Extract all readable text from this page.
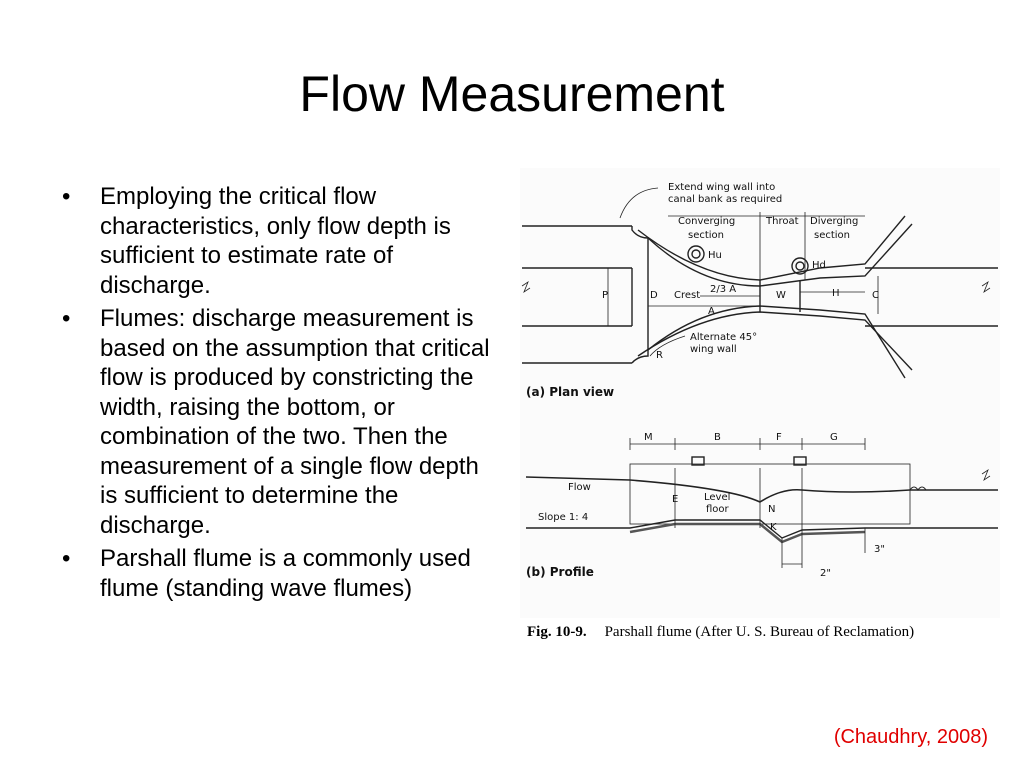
Flow Measurement
• Employing the critical flow characteristics, only flow depth is sufficient to estimate rate of discharge.
• Flumes: discharge measurement is based on the assumption that critical flow is produced by constricting the width, raising the bottom, or combination of the two. Then the measurement of a single flow depth is sufficient to determine the discharge.
• Parshall flume is a commonly used flume (standing wave flumes)
Extend wing wall into
canal bank as required
Converging
section
Throat Diverging
section
Hu
Hd
Crest
2/3 A
A
W	H
P	D	C
R
Alternate 45°
wing wall
(a) Plan view
M	B	F	G
Flow
E	Level
floor	N
K
Slope 1: 4
3"
2"
(b) Profile
Fig. 10-9. Parshall flume (After U. S. Bureau of Reclamation)
(Chaudhry, 2008)
